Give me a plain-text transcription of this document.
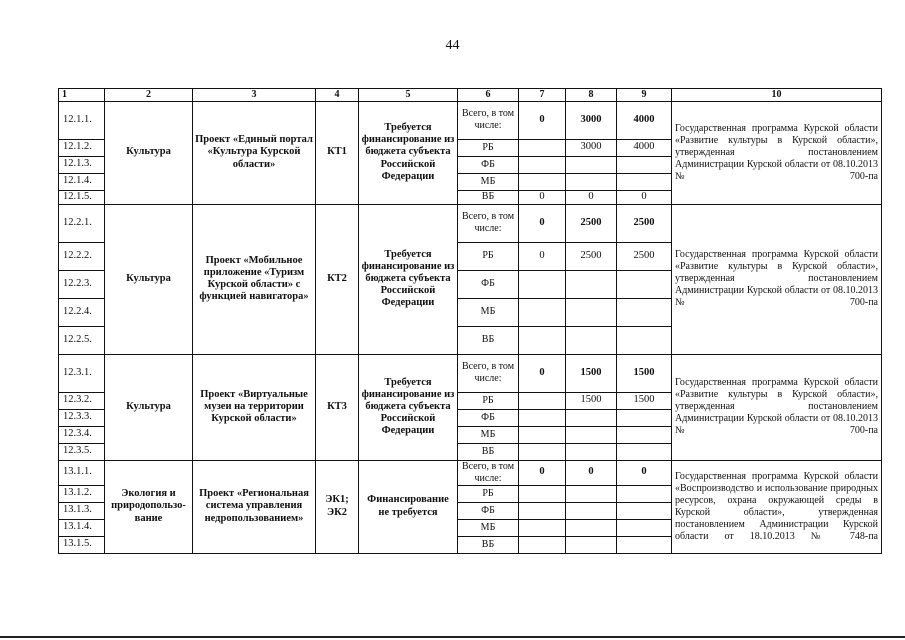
44
1	2	3	4	5	6	7	8	9	10
12.1.1.	Культура	Проект «Единый портал «Культура Курской области»	КТ1	Требуется финансирование из бюджета субъекта Российской Федерации	Всего, в том числе:	0	3000	4000	Государственная программа Курской области «Развитие культуры в Курской области», утвержденная постановлением Администрации Курской области от 08.10.2013 № 700-па
12.1.2.					РБ		3000	4000	
12.1.3.					ФБ				
12.1.4.					МБ				
12.1.5.					ВБ	0	0	0	
12.2.1.	Культура	Проект «Мобильное приложение «Туризм Курской области» с функцией навигатора»	КТ2	Требуется финансирование из бюджета субъекта Российской Федерации	Всего, в том числе:	0	2500	2500	Государственная программа Курской области «Развитие культуры в Курской области», утвержденная постановлением Администрации Курской области от 08.10.2013 № 700-па
12.2.2.					РБ	0	2500	2500	
12.2.3.					ФБ				
12.2.4.					МБ				
12.2.5.					ВБ				
12.3.1.	Культура	Проект «Виртуальные музеи на территории Курской области»	КТ3	Требуется финансирование из бюджета субъекта Российской Федерации	Всего, в том числе:	0	1500	1500	Государственная программа Курской области «Развитие культуры в Курской области», утвержденная постановлением Администрации Курской области от 08.10.2013 № 700-па
12.3.2.					РБ		1500	1500	
12.3.3.					ФБ				
12.3.4.					МБ				
12.3.5.					ВБ				
13.1.1.	Экология и природопользо-вание	Проект «Региональная система управления недропользованием»	ЭК1; ЭК2	Финансирование не требуется	Всего, в том числе:	0	0	0	Государственная программа Курской области «Воспроизводство и использование природных ресурсов, охрана окружающей среды в Курской области», утвержденная постановлением Администрации Курской области от 18.10.2013 № 748-па
13.1.2.					РБ				
13.1.3.					ФБ				
13.1.4.					МБ				
13.1.5.					ВБ				
